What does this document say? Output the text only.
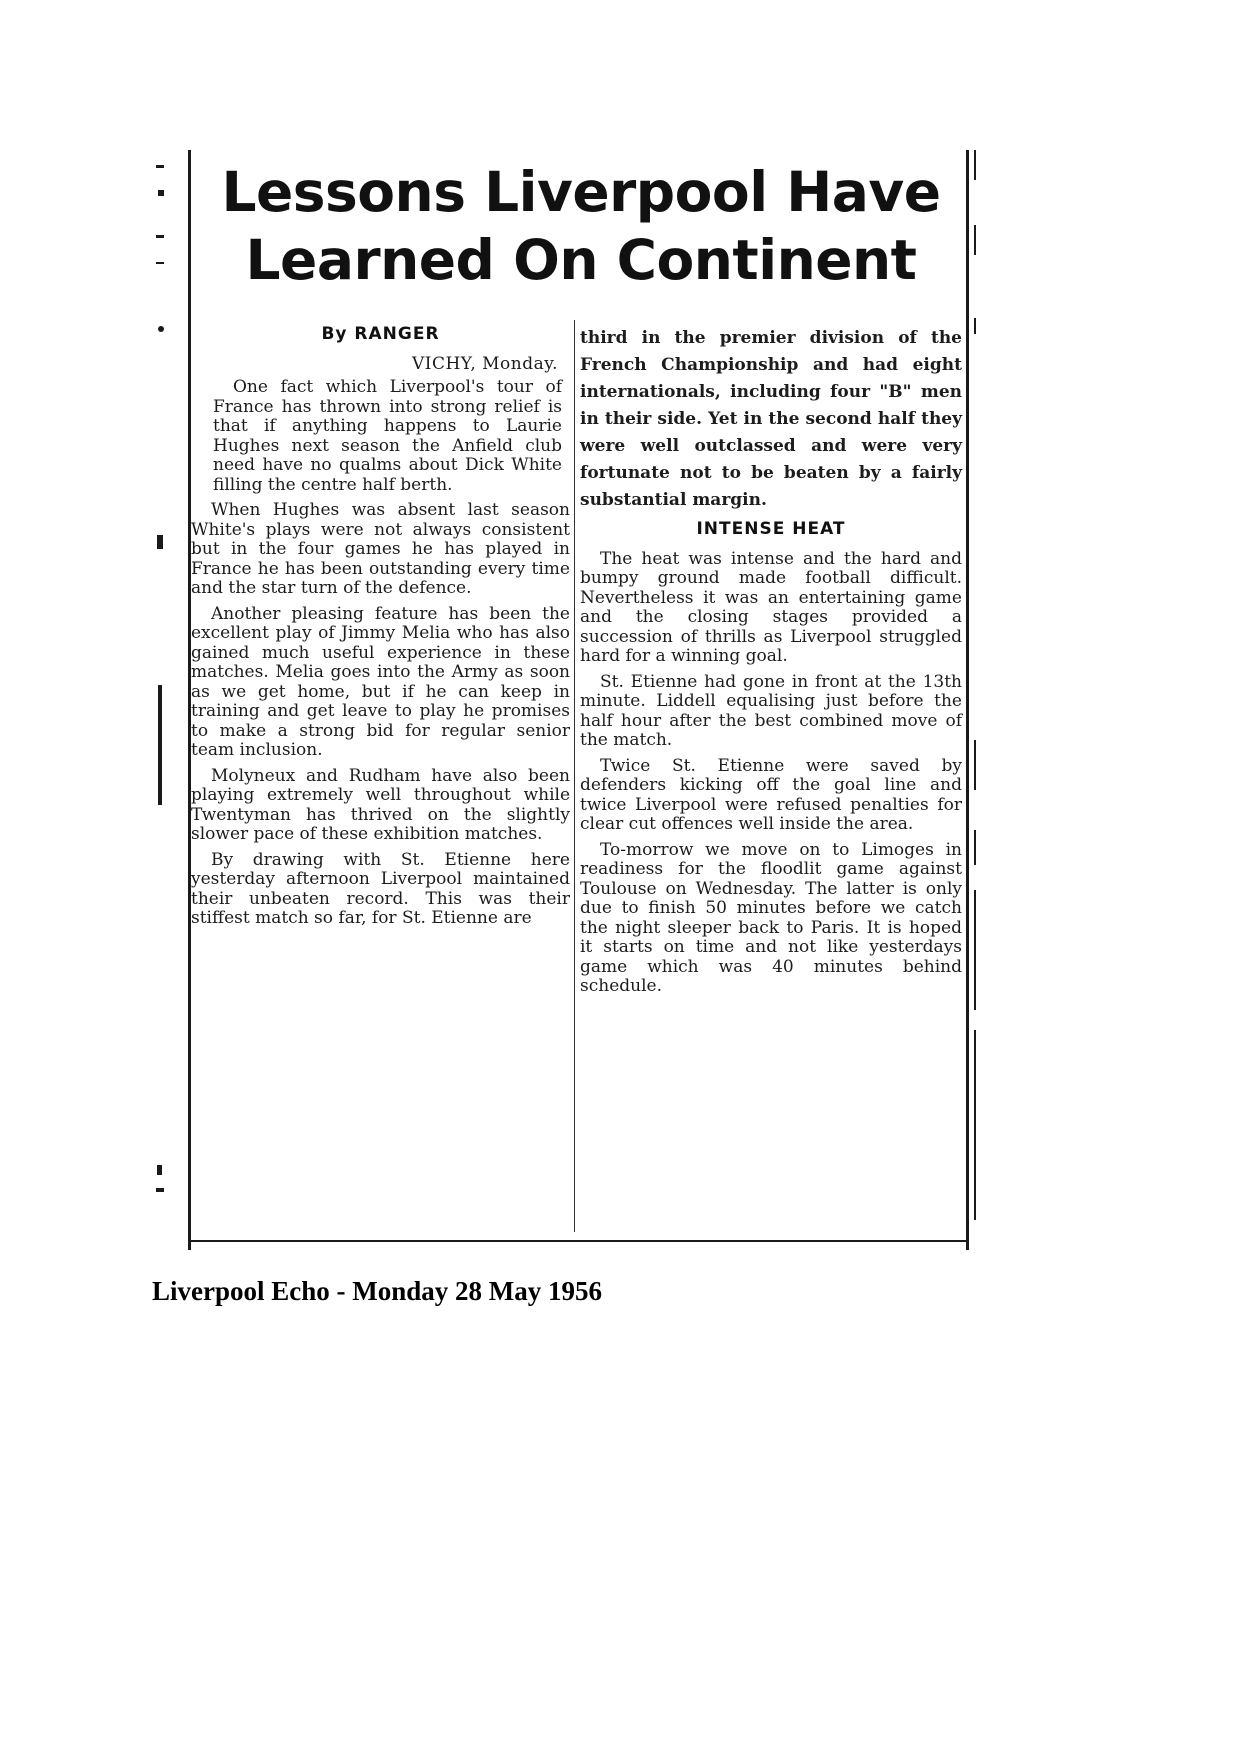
Lessons Liverpool Have
Learned On Continent

By RANGER

VICHY, Monday.

One fact which Liverpool's tour of France has thrown into strong relief is that if anything happens to Laurie Hughes next season the Anfield club need have no qualms about Dick White filling the centre half berth.

When Hughes was absent last season White's plays were not always consistent but in the four games he has played in France he has been outstanding every time and the star turn of the defence.

Another pleasing feature has been the excellent play of Jimmy Melia who has also gained much useful experience in these matches. Melia goes into the Army as soon as we get home, but if he can keep in training and get leave to play he promises to make a strong bid for regular senior team inclusion.

Molyneux and Rudham have also been playing extremely well throughout while Twentyman has thrived on the slightly slower pace of these exhibition matches.

By drawing with St. Etienne here yesterday afternoon Liverpool maintained their unbeaten record. This was their stiffest match so far, for St. Etienne are

third in the premier division of the French Championship and had eight internationals, including four "B" men in their side. Yet in the second half they were well outclassed and were very fortunate not to be beaten by a fairly substantial margin.

INTENSE HEAT

The heat was intense and the hard and bumpy ground made football difficult. Nevertheless it was an entertaining game and the closing stages provided a succession of thrills as Liverpool struggled hard for a winning goal.

St. Etienne had gone in front at the 13th minute. Liddell equalising just before the half hour after the best combined move of the match.

Twice St. Etienne were saved by defenders kicking off the goal line and twice Liverpool were refused penalties for clear cut offences well inside the area.

To-morrow we move on to Limoges in readiness for the floodlit game against Toulouse on Wednesday. The latter is only due to finish 50 minutes before we catch the night sleeper back to Paris. It is hoped it starts on time and not like yesterdays game which was 40 minutes behind schedule.

Liverpool Echo - Monday 28 May 1956
